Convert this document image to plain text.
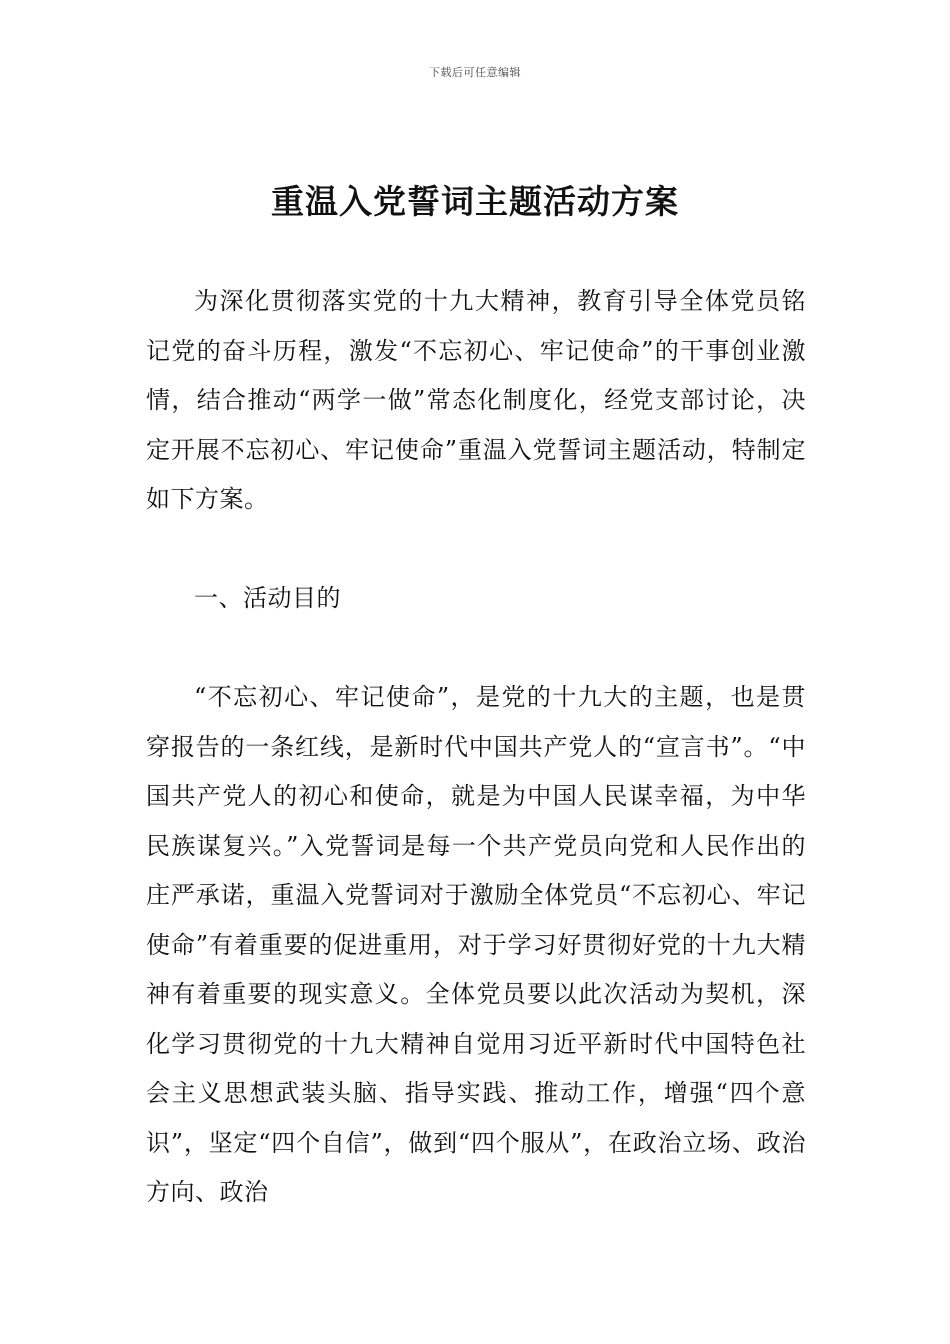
下载后可任意编辑
重温入党誓词主题活动方案
为深化贯彻落实党的十九大精神，教育引导全体党员铭记党的奋斗历程，激发“不忘初心、牢记使命”的干事创业激情，结合推动“两学一做”常态化制度化，经党支部讨论，决定开展不忘初心、牢记使命”重温入党誓词主题活动，特制定如下方案。
一、活动目的
“不忘初心、牢记使命”，是党的十九大的主题，也是贯穿报告的一条红线，是新时代中国共产党人的“宣言书”。“中国共产党人的初心和使命，就是为中国人民谋幸福，为中华民族谋复兴。”入党誓词是每一个共产党员向党和人民作出的庄严承诺，重温入党誓词对于激励全体党员“不忘初心、牢记使命”有着重要的促进重用，对于学习好贯彻好党的十九大精神有着重要的现实意义。全体党员要以此次活动为契机，深化学习贯彻党的十九大精神自觉用习近平新时代中国特色社会主义思想武装头脑、指导实践、推动工作，增强“四个意识”，坚定“四个自信”，做到“四个服从”，在政治立场、政治方向、政治
